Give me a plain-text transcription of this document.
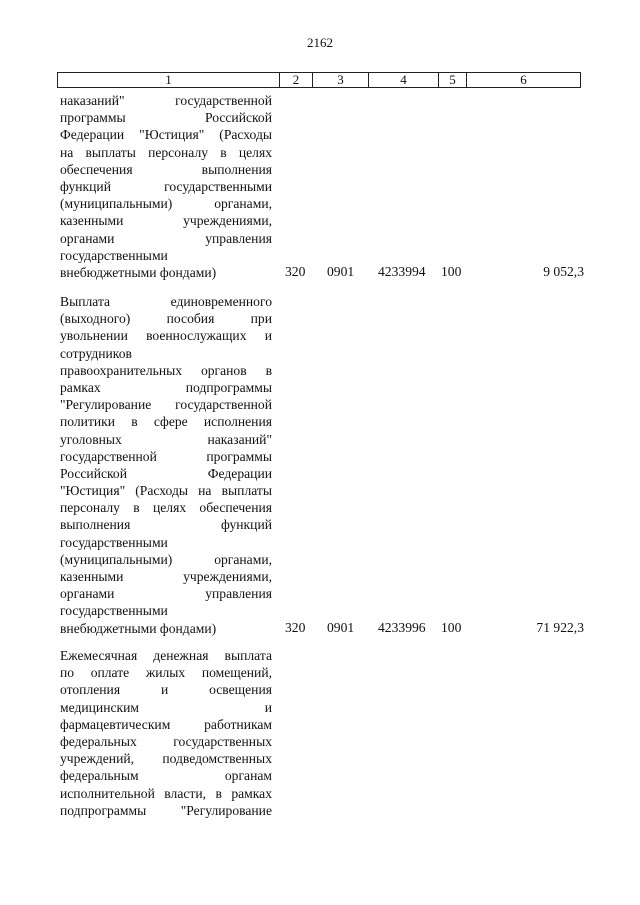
2162
1	2	3	4	5	6
наказаний" государственной
программы Российской
Федерации "Юстиция" (Расходы
на выплаты персоналу в целях
обеспечения выполнения
функций государственными
(муниципальными) органами,
казенными учреждениями,
органами управления
государственными
внебюджетными фондами)	320 0901 4233994 100	9 052,3
Выплата единовременного
(выходного) пособия при
увольнении военнослужащих и
сотрудников
правоохранительных органов в
рамках подпрограммы
"Регулирование государственной
политики в сфере исполнения
уголовных наказаний"
государственной программы
Российской Федерации
"Юстиция" (Расходы на выплаты
персоналу в целях обеспечения
выполнения функций
государственными
(муниципальными) органами,
казенными учреждениями,
органами управления
государственными
внебюджетными фондами)	320 0901 4233996 100	71 922,3
Ежемесячная денежная выплата
по оплате жилых помещений,
отопления и освещения
медицинским и
фармацевтическим работникам
федеральных государственных
учреждений, подведомственных
федеральным органам
исполнительной власти, в рамках
подпрограммы "Регулирование
